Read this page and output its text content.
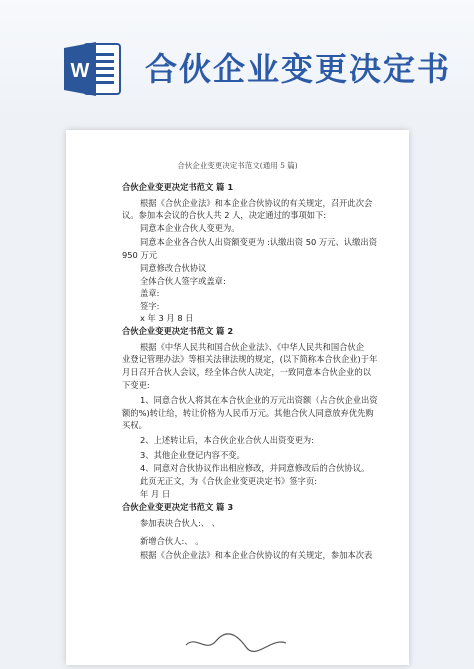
W 合伙企业变更决定书
合伙企业变更决定书范文(通用 5 篇)
合伙企业变更决定书范文 篇 1
根据《合伙企业法》和本企业合伙协议的有关规定，召开此次会
议。参加本会议的合伙人共 2 人，决定通过的事项如下:
同意本企业合伙人变更为。
同意本企业各合伙人出资额变更为 :认缴出资 50 万元、认缴出资
950 万元
同意修改合伙协议
全体合伙人签字或盖章:
盖章:
签字:
x 年 3 月 8 日
合伙企业变更决定书范文 篇 2
根据《中华人民共和国合伙企业法》、《中华人民共和国合伙企
业登记管理办法》等相关法律法规的规定，(以下简称本合伙企业)于年
月日召开合伙人会议，经全体合伙人决定，一致同意本合伙企业的以
下变更:
1、同意合伙人将其在本合伙企业的万元出资额（占合伙企业出资
额的%)转让给，转让价格为人民币万元。其他合伙人同意放弃优先购
买权。
2、上述转让后，本合伙企业合伙人出资变更为:
3、其他企业登记内容不变。
4、同意对合伙协议作出相应修改，并同意修改后的合伙协议。
此页无正文，为《合伙企业变更决定书》签字页:
年 月 日
合伙企业变更决定书范文 篇 3
参加表决合伙人:、 、
新增合伙人:、 。
根据《合伙企业法》和本企业合伙协议的有关规定，参加本次表
